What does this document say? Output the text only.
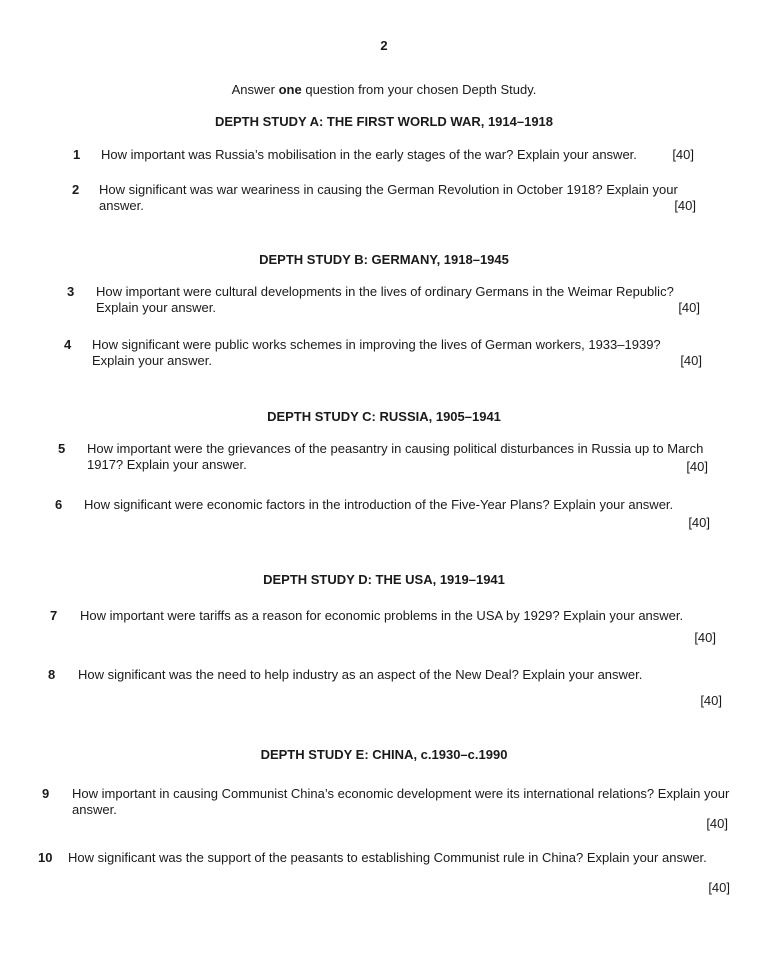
2
Answer one question from your chosen Depth Study.
DEPTH STUDY A: THE FIRST WORLD WAR, 1914–1918
1 How important was Russia’s mobilisation in the early stages of the war? Explain your answer.	[40]
2 How significant was war weariness in causing the German Revolution in October 1918? Explain your answer.	[40]
DEPTH STUDY B: GERMANY, 1918–1945
3 How important were cultural developments in the lives of ordinary Germans in the Weimar Republic? Explain your answer.	[40]
4 How significant were public works schemes in improving the lives of German workers, 1933–1939? Explain your answer.	[40]
DEPTH STUDY C: RUSSIA, 1905–1941
5 How important were the grievances of the peasantry in causing political disturbances in Russia up to March 1917? Explain your answer.	[40]
6 How significant were economic factors in the introduction of the Five-Year Plans? Explain your answer.
[40]
DEPTH STUDY D: THE USA, 1919–1941
7 How important were tariffs as a reason for economic problems in the USA by 1929? Explain your answer.
[40]
8 How significant was the need to help industry as an aspect of the New Deal? Explain your answer.
[40]
DEPTH STUDY E: CHINA, c.1930–c.1990
9 How important in causing Communist China’s economic development were its international relations? Explain your answer.
[40]
10 How significant was the support of the peasants to establishing Communist rule in China? Explain your answer.
[40]
